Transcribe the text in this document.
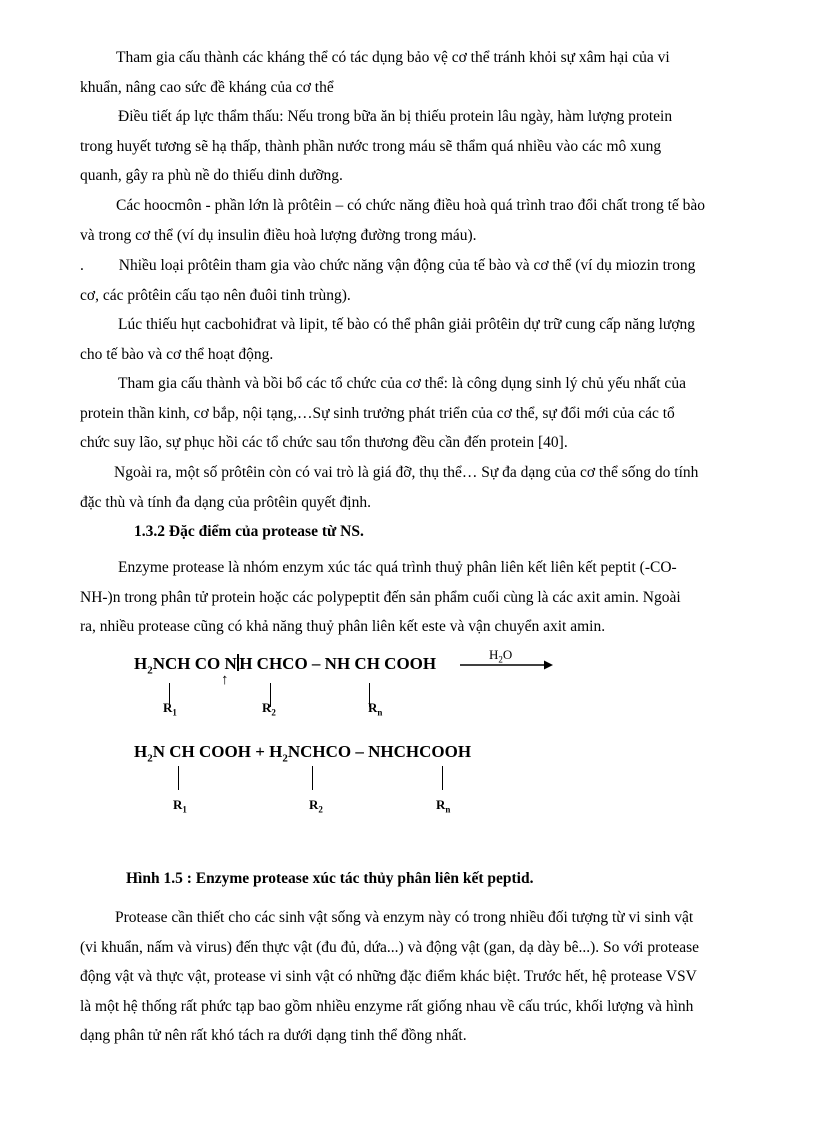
Tham gia cấu thành các kháng thể có tác dụng bảo vệ cơ thể tránh khỏi sự xâm hại của vi
khuẩn, nâng cao sức đề kháng của cơ thể

Điều tiết áp lực thẩm thấu: Nếu trong bữa ăn bị thiếu protein lâu ngày, hàm lượng protein
trong huyết tương sẽ hạ thấp, thành phần nước trong máu sẽ thẩm quá nhiều vào các mô xung
quanh, gây ra phù nề do thiếu dinh dưỡng.

Các hoocmôn - phần lớn là prôtêin – có chức năng điều hoà quá trình trao đổi chất trong tế bào
và trong cơ thể (ví dụ insulin điều hoà lượng đường trong máu).

.         Nhiều loại prôtêin tham gia vào chức năng vận động của tế bào và cơ thể (ví dụ miozin trong
cơ, các prôtêin cấu tạo nên đuôi tinh trùng).

Lúc thiếu hụt cacbohiđrat và lipit, tế bào có thể phân giải prôtêin dự trữ cung cấp năng lượng
cho tế bào và cơ thể hoạt động.

Tham gia cấu thành và bồi bổ các tổ chức của cơ thể: là công dụng sinh lý chủ yếu nhất của
protein thần kinh, cơ bắp, nội tạng,…Sự sinh trưởng phát triển của cơ thể, sự đổi mới của các tổ
chức suy lão, sự phục hồi các tổ chức sau tổn thương đều cần đến protein [40].

Ngoài ra, một số prôtêin còn có vai trò là giá đỡ, thụ thể… Sự đa dạng của cơ thể sống do tính
đặc thù và tính đa dạng của prôtêin quyết định.

1.3.2 Đặc điểm của protease từ NS.

Enzyme protease là nhóm enzym xúc tác quá trình thuỷ phân liên kết liên kết peptit (-CO-
NH-)n trong phân tử protein hoặc các polypeptit đến sản phẩm cuối cùng là các axit amin. Ngoài
ra, nhiều protease cũng có khả năng thuỷ phân liên kết este và vận chuyển axit amin.

$H_2NCH$ CO N H CHCO – NH CH COOH	$H_2O$
↑
$R_1$	$R_2$	$R_n$
$H_2N$ CH COOH + $H_2NCHCO$ – NHCHCOOH
$R_1$	$R_2$	$R_n$
Hình 1.5 : Enzyme protease xúc tác thủy phân liên kết peptid.

Protease cần thiết cho các sinh vật sống và enzym này có trong nhiều đối tượng từ vi sinh vật
(vi khuẩn, nấm và virus) đến thực vật (đu đủ, dứa...) và động vật (gan, dạ dày bê...). So với protease
động vật và thực vật, protease vi sinh vật có những đặc điểm khác biệt. Trước hết, hệ protease VSV
là một hệ thống rất phức tạp bao gồm nhiều enzyme rất giống nhau về cấu trúc, khối lượng và hình
dạng phân tử nên rất khó tách ra dưới dạng tinh thể đồng nhất.
